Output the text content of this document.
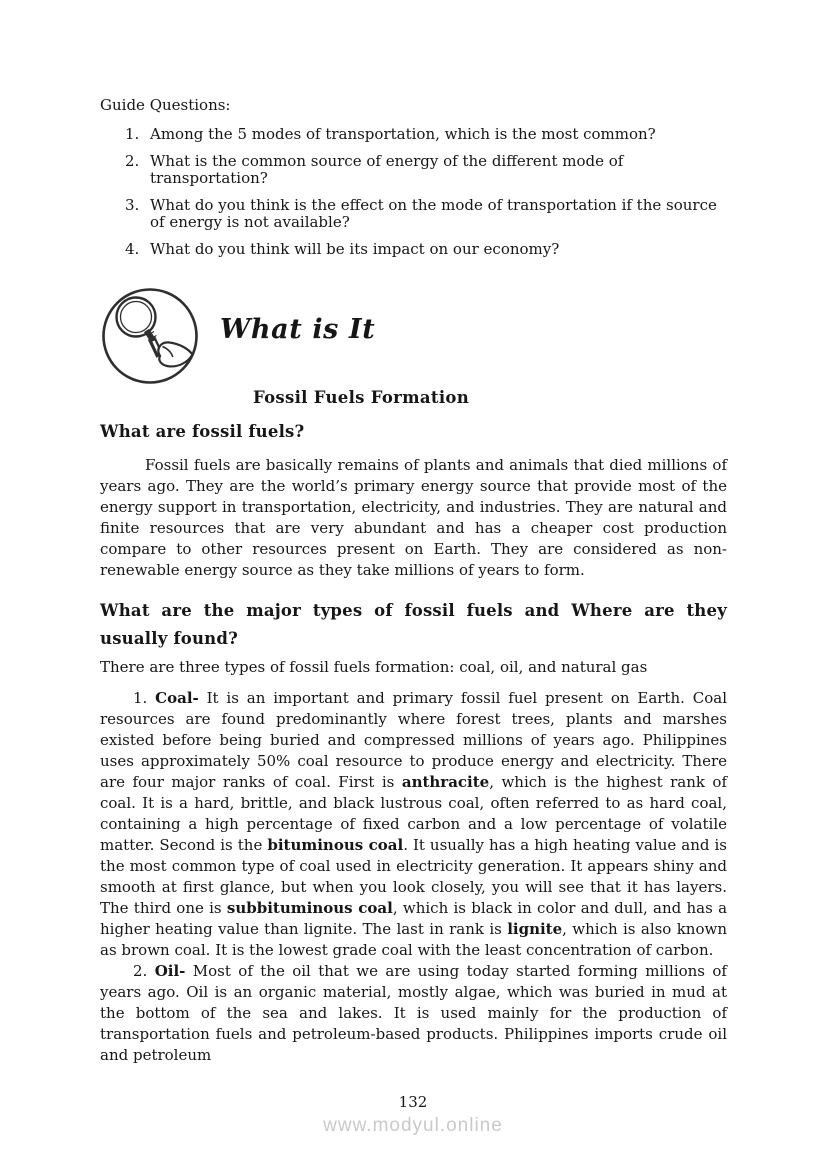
Guide Questions:
1. Among the 5 modes of transportation, which is the most common?
2. What is the common source of energy of the different mode of transportation?
3. What do you think is the effect on the mode of transportation if the source of energy is not available?
4. What do you think will be its impact on our economy?
What is It
Fossil Fuels Formation
What are fossil fuels?
Fossil fuels are basically remains of plants and animals that died millions of years ago. They are the world’s primary energy source that provide most of the energy support in transportation, electricity, and industries. They are natural and finite resources that are very abundant and has a cheaper cost production compare to other resources present on Earth. They are considered as non-renewable energy source as they take millions of years to form.
What are the major types of fossil fuels and Where are they usually found?
There are three types of fossil fuels formation: coal, oil, and natural gas
1. Coal- It is an important and primary fossil fuel present on Earth. Coal resources are found predominantly where forest trees, plants and marshes existed before being buried and compressed millions of years ago. Philippines uses approximately 50% coal resource to produce energy and electricity. There are four major ranks of coal. First is anthracite, which is the highest rank of coal. It is a hard, brittle, and black lustrous coal, often referred to as hard coal, containing a high percentage of fixed carbon and a low percentage of volatile matter. Second is the bituminous coal. It usually has a high heating value and is the most common type of coal used in electricity generation. It appears shiny and smooth at first glance, but when you look closely, you will see that it has layers. The third one is subbituminous coal, which is black in color and dull, and has a higher heating value than lignite. The last in rank is lignite, which is also known as brown coal. It is the lowest grade coal with the least concentration of carbon.
2. Oil- Most of the oil that we are using today started forming millions of years ago. Oil is an organic material, mostly algae, which was buried in mud at the bottom of the sea and lakes. It is used mainly for the production of transportation fuels and petroleum-based products. Philippines imports crude oil and petroleum
132
www.modyul.online
